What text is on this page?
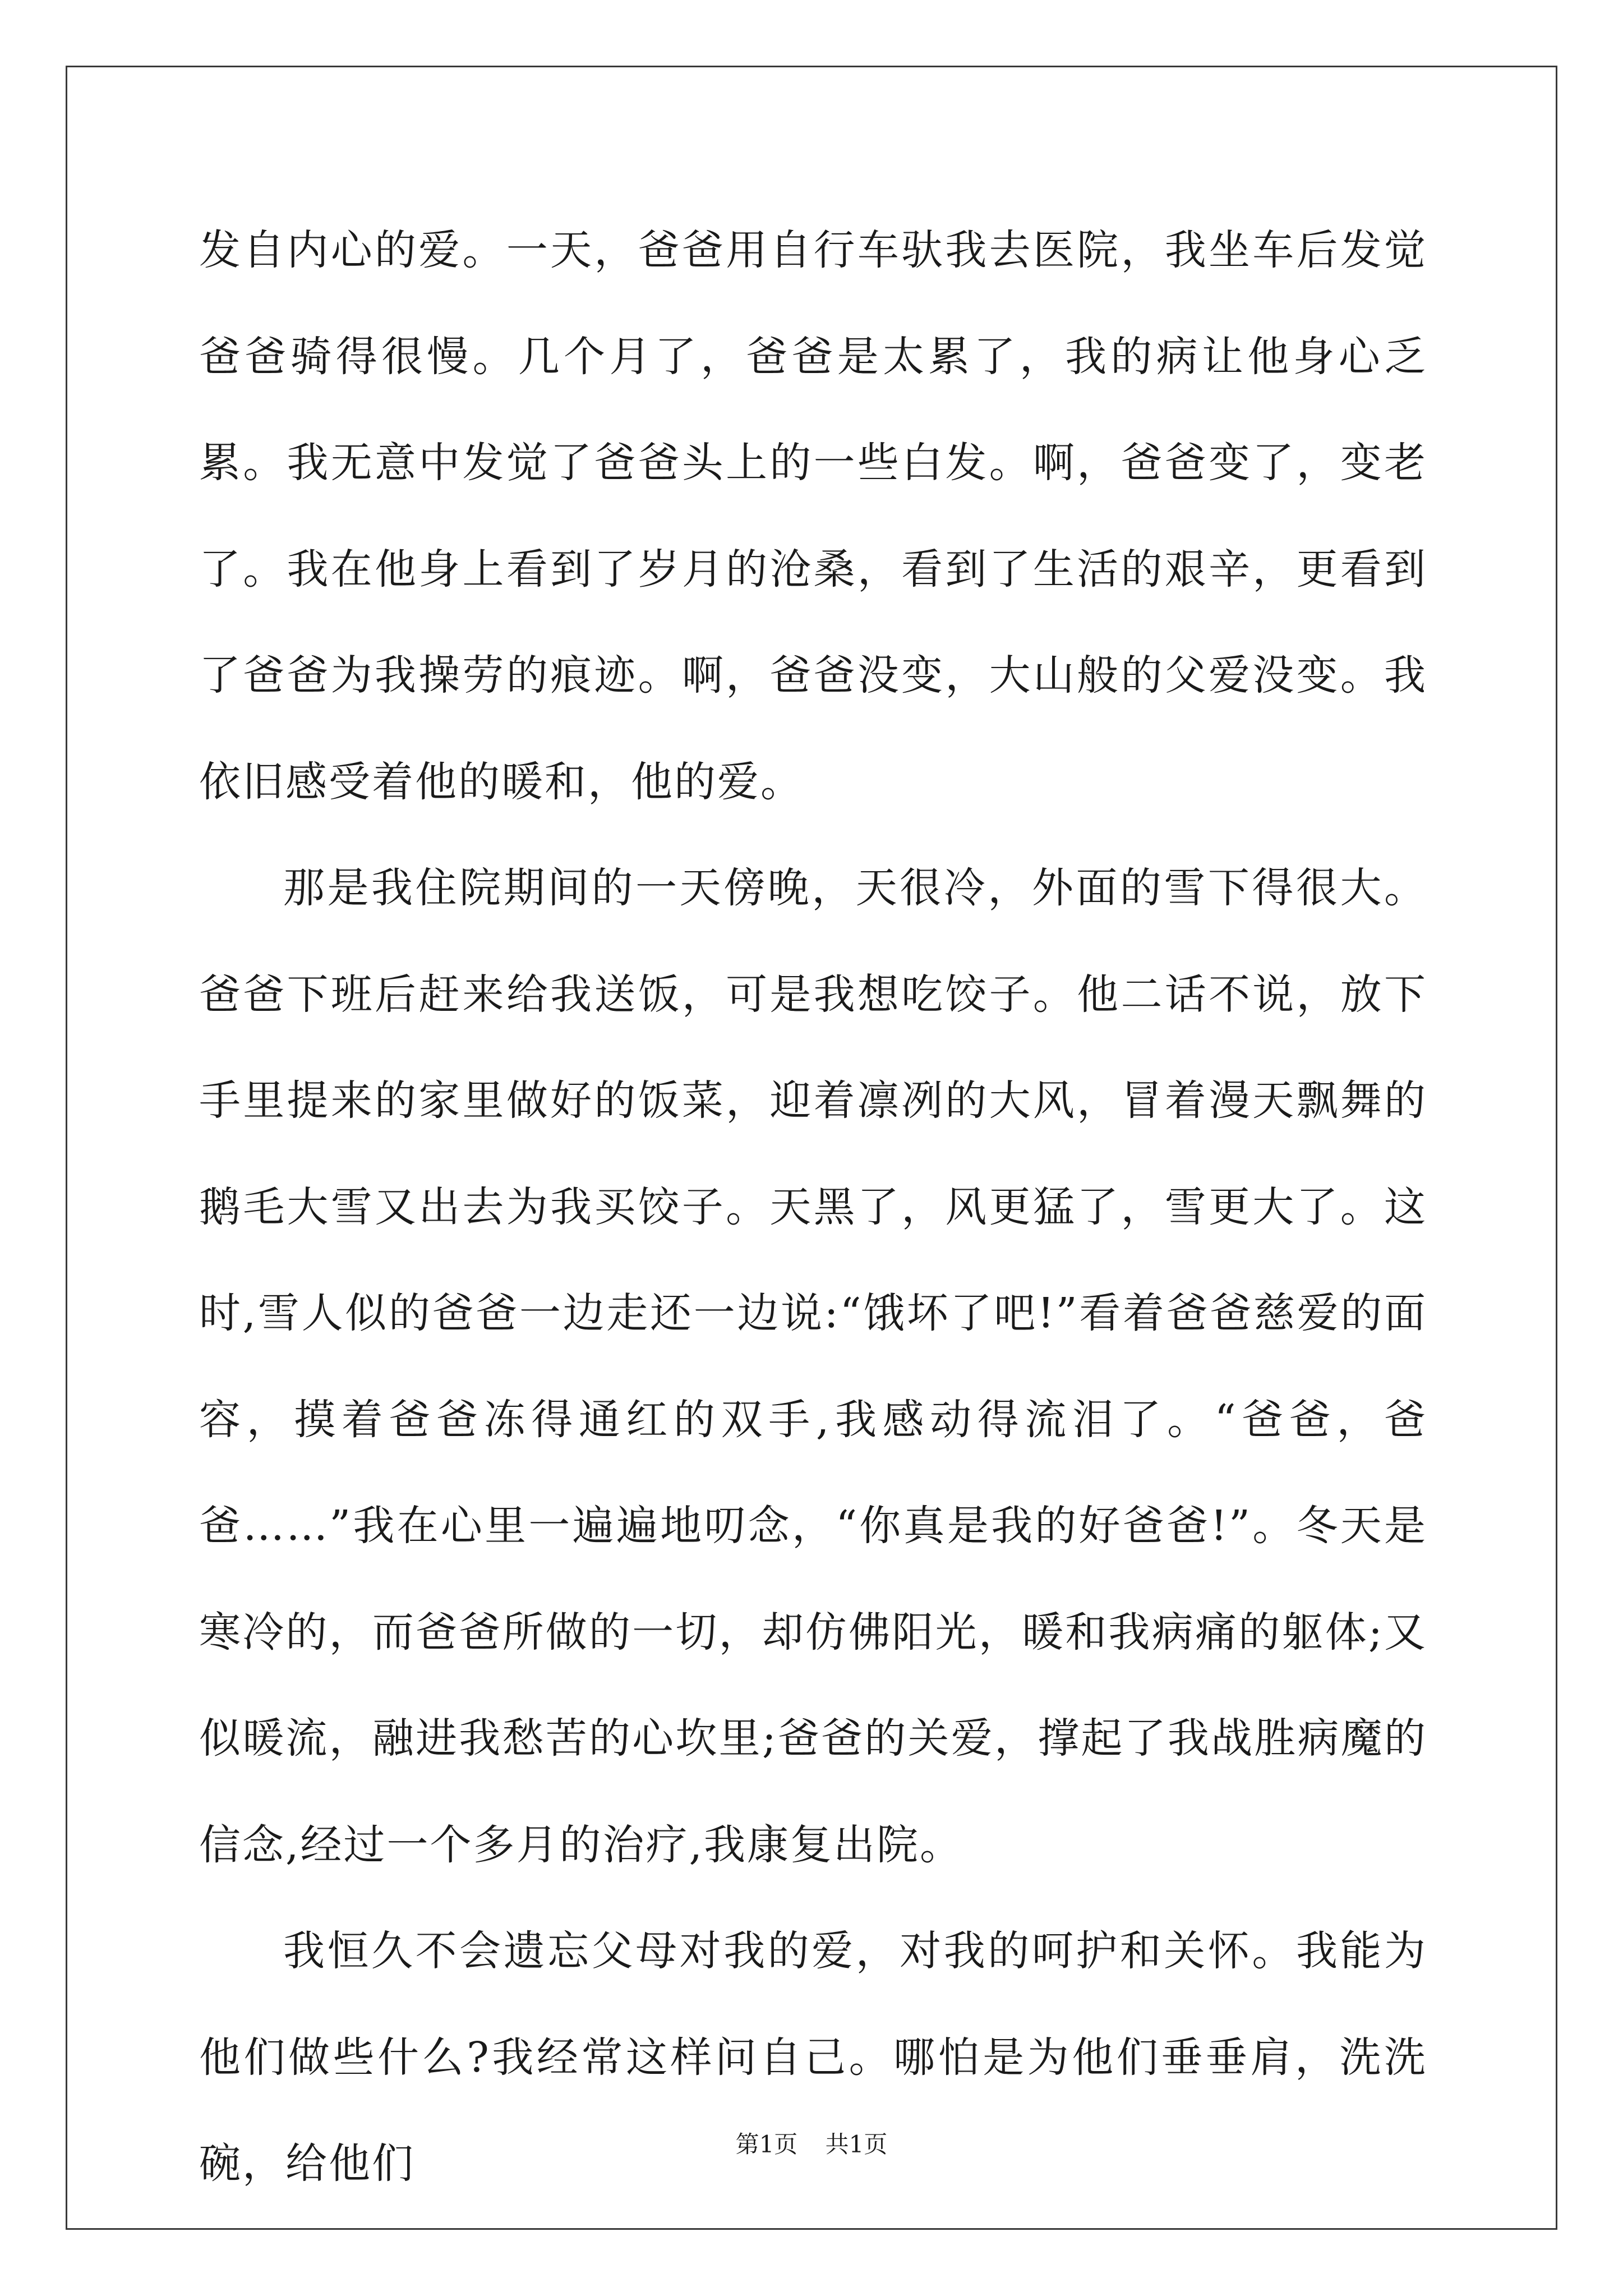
发自内心的爱。一天，爸爸用自行车驮我去医院，我坐车后发觉爸爸骑得很慢。几个月了，爸爸是太累了，我的病让他身心乏累。我无意中发觉了爸爸头上的一些白发。啊，爸爸变了，变老了。我在他身上看到了岁月的沧桑，看到了生活的艰辛，更看到了爸爸为我操劳的痕迹。啊，爸爸没变，大山般的父爱没变。我依旧感受着他的暖和，他的爱。

那是我住院期间的一天傍晚，天很冷，外面的雪下得很大。爸爸下班后赶来给我送饭，可是我想吃饺子。他二话不说，放下手里提来的家里做好的饭菜，迎着凛冽的大风，冒着漫天飘舞的鹅毛大雪又出去为我买饺子。天黑了，风更猛了，雪更大了。这时,雪人似的爸爸一边走还一边说:“饿坏了吧!”看着爸爸慈爱的面容，摸着爸爸冻得通红的双手,我感动得流泪了。“爸爸，爸爸……”我在心里一遍遍地叨念，“你真是我的好爸爸!”。冬天是寒冷的，而爸爸所做的一切，却仿佛阳光，暖和我病痛的躯体;又似暖流，融进我愁苦的心坎里;爸爸的关爱，撑起了我战胜病魔的信念,经过一个多月的治疗,我康复出院。

我恒久不会遗忘父母对我的爱，对我的呵护和关怀。我能为他们做些什么?我经常这样问自己。哪怕是为他们垂垂肩，洗洗碗，给他们	第1页 共1页
